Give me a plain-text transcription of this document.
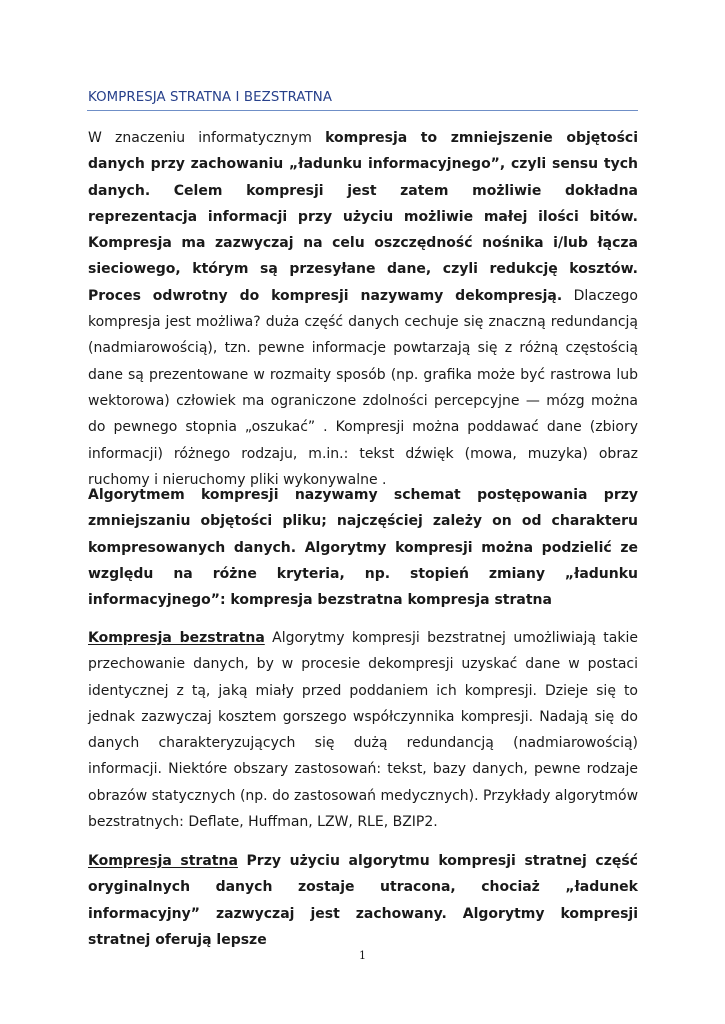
KOMPRESJA STRATNA I BEZSTRATNA

W znaczeniu informatycznym kompresja to zmniejszenie objętości danych przy zachowaniu „ładunku informacyjnego”, czyli sensu tych danych. Celem kompresji jest zatem możliwie dokładna reprezentacja informacji przy użyciu możliwie małej ilości bitów. Kompresja ma zazwyczaj na celu oszczędność nośnika i/lub łącza sieciowego, którym są przesyłane dane, czyli redukcję kosztów. Proces odwrotny do kompresji nazywamy dekompresją. Dlaczego kompresja jest możliwa? duża część danych cechuje się znaczną redundancją (nadmiarowością), tzn. pewne informacje powtarzają się z różną częstością dane są prezentowane w rozmaity sposób (np. grafika może być rastrowa lub wektorowa) człowiek ma ograniczone zdolności percepcyjne — mózg można do pewnego stopnia „oszukać” . Kompresji można poddawać dane (zbiory informacji) różnego rodzaju, m.in.: tekst dźwięk (mowa, muzyka) obraz ruchomy i nieruchomy pliki wykonywalne .

Algorytmem kompresji nazywamy schemat postępowania przy zmniejszaniu objętości pliku; najczęściej zależy on od charakteru kompresowanych danych. Algorytmy kompresji można podzielić ze względu na różne kryteria, np. stopień zmiany „ładunku informacyjnego”: kompresja bezstratna kompresja stratna

Kompresja bezstratna Algorytmy kompresji bezstratnej umożliwiają takie przechowanie danych, by w procesie dekompresji uzyskać dane w postaci identycznej z tą, jaką miały przed poddaniem ich kompresji. Dzieje się to jednak zazwyczaj kosztem gorszego współczynnika kompresji. Nadają się do danych charakteryzujących się dużą redundancją (nadmiarowością) informacji. Niektóre obszary zastosowań: tekst, bazy danych, pewne rodzaje obrazów statycznych (np. do zastosowań medycznych). Przykłady algorytmów bezstratnych: Deflate, Huffman, LZW, RLE, BZIP2.

Kompresja stratna Przy użyciu algorytmu kompresji stratnej część oryginalnych danych zostaje utracona, chociaż „ładunek informacyjny” zazwyczaj jest zachowany. Algorytmy kompresji stratnej oferują lepsze

1
